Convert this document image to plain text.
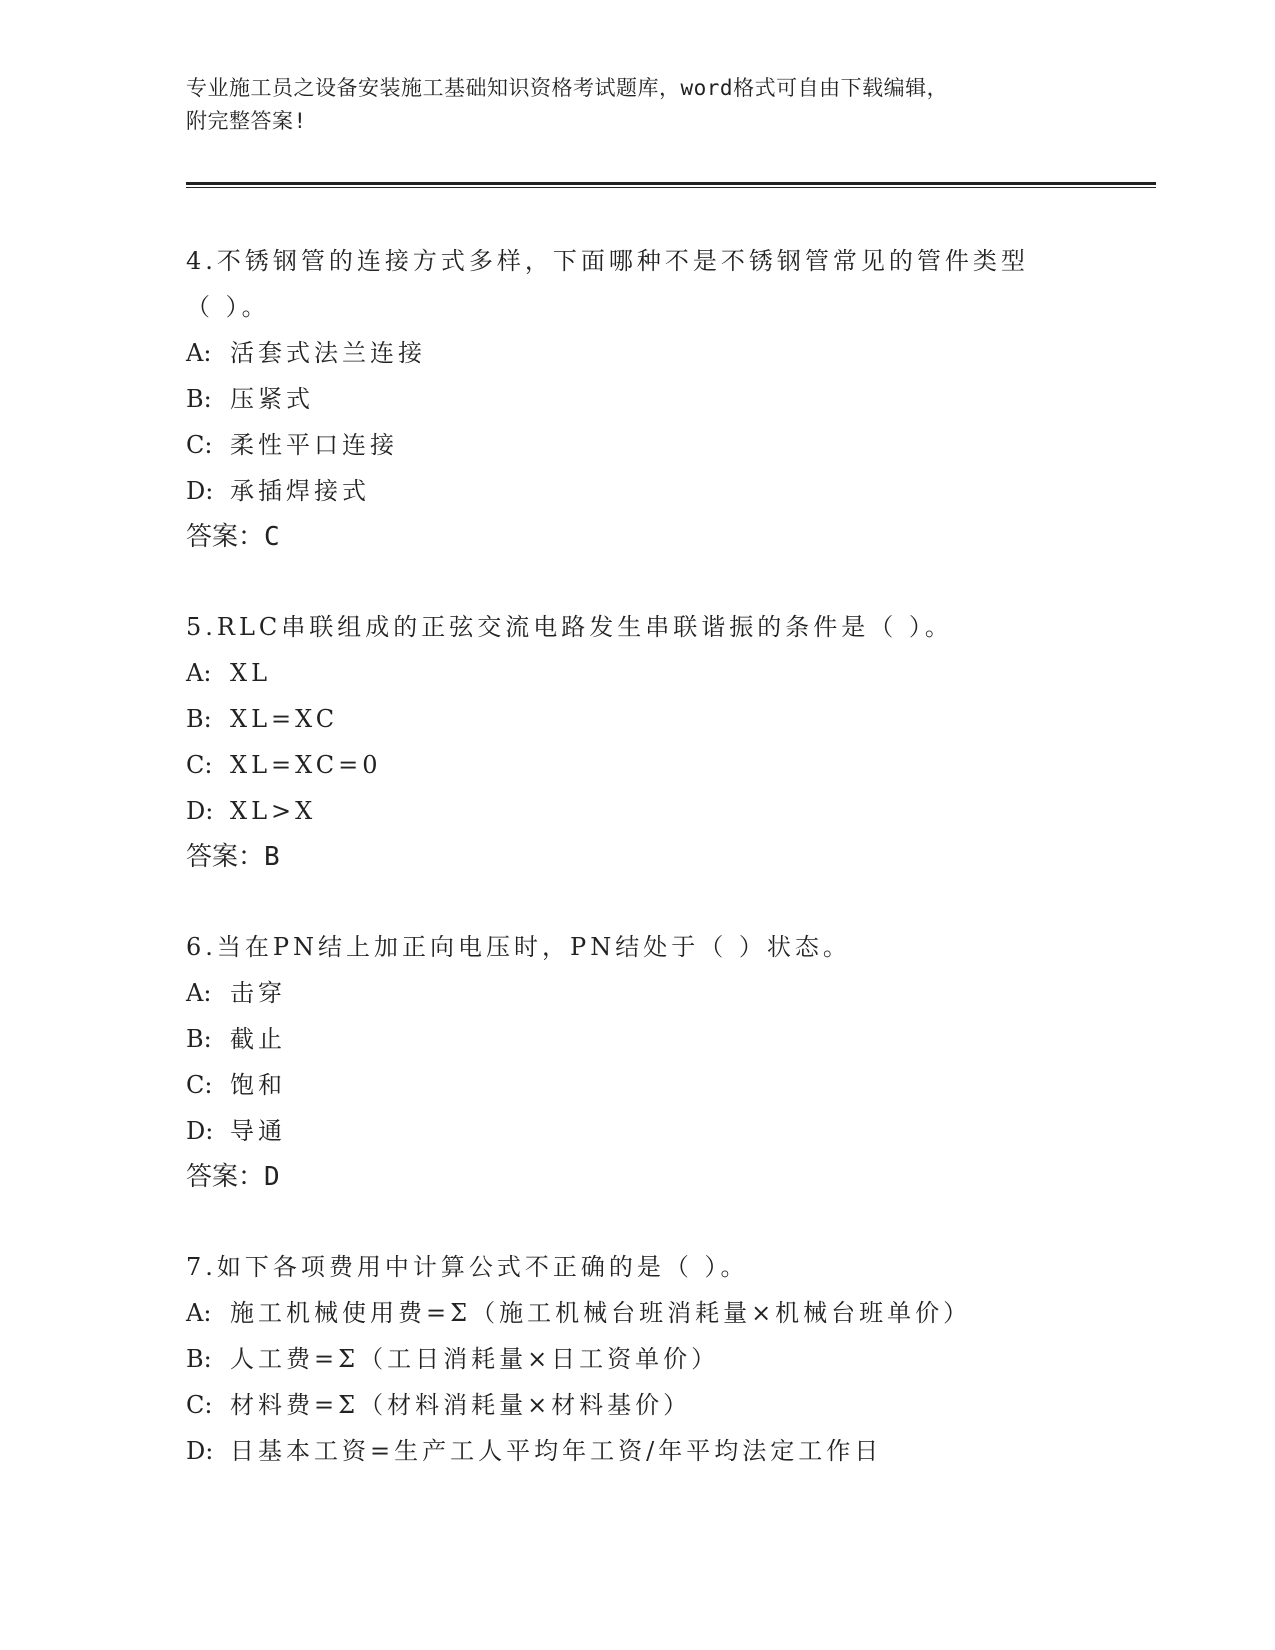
专业施工员之设备安装施工基础知识资格考试题库，word格式可自由下载编辑，
附完整答案!
4.不锈钢管的连接方式多样，下面哪种不是不锈钢管常见的管件类型
（ ）。
A: 活套式法兰连接
B: 压紧式
C: 柔性平口连接
D: 承插焊接式
答案：C
5.RLC串联组成的正弦交流电路发生串联谐振的条件是（ ）。
A: XL
B: XL=XC
C: XL=XC=0
D: XL>X
答案：B
6.当在PN结上加正向电压时，PN结处于（ ）状态。
A: 击穿
B: 截止
C: 饱和
D: 导通
答案：D
7.如下各项费用中计算公式不正确的是（ ）。
A: 施工机械使用费=Σ（施工机械台班消耗量×机械台班单价）
B: 人工费=Σ（工日消耗量×日工资单价）
C: 材料费=Σ（材料消耗量×材料基价）
D: 日基本工资=生产工人平均年工资/年平均法定工作日
